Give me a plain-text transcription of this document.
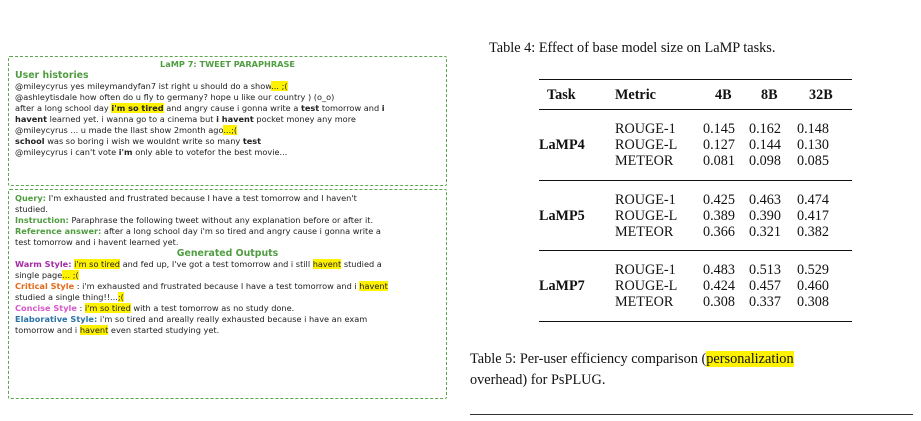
LaMP 7: TWEET PARAPHRASE
User histories
@mileycyrus yes mileymandyfan7 ist right u should do a show... ;(
@ashleytisdale how often do u fly to germany? hope u like our country ) (o_o)
after a long school day i'm so tired and angry cause i gonna write a test tomorrow and i
havent learned yet. i wanna go to a cinema but i havent pocket money any more
@mileycyrus ... u made the llast show 2month ago...;(
school was so boring i wish we wouldnt write so many test
@mileycyrus i can't vote i'm only able to votefor the best movie...
Query: I'm exhausted and frustrated because I have a test tomorrow and I haven't
studied.
Instruction: Paraphrase the following tweet without any explanation before or after it.
Reference answer: after a long school day i'm so tired and angry cause i gonna write a
test tomorrow and i havent learned yet.
Generated Outputs
Warm Style: i'm so tired and fed up, I've got a test tomorrow and i still havent studied a
single page... ;(
Critical Style : i'm exhausted and frustrated because I have a test tomorrow and i havent
studied a single thing!!...;(
Concise Style : i'm so tired with a test tomorrow as no study done.
Elaborative Style: i'm so tired and areally really exhausted because i have an exam
tomorrow and i havent even started studying yet.
Table 4: Effect of base model size on LaMP tasks.
Task	Metric	4B 8B 32B
LaMP4
ROUGE-1 0.145 0.162 0.148
ROUGE-L 0.127 0.144 0.130
METEOR 0.081 0.098 0.085
LaMP5
ROUGE-1 0.425 0.463 0.474
ROUGE-L 0.389 0.390 0.417
METEOR 0.366 0.321 0.382
LaMP7
ROUGE-1 0.483 0.513 0.529
ROUGE-L 0.424 0.457 0.460
METEOR 0.308 0.337 0.308
Table 5: Per-user efficiency comparison (personalization
overhead) for PsPLUG.
